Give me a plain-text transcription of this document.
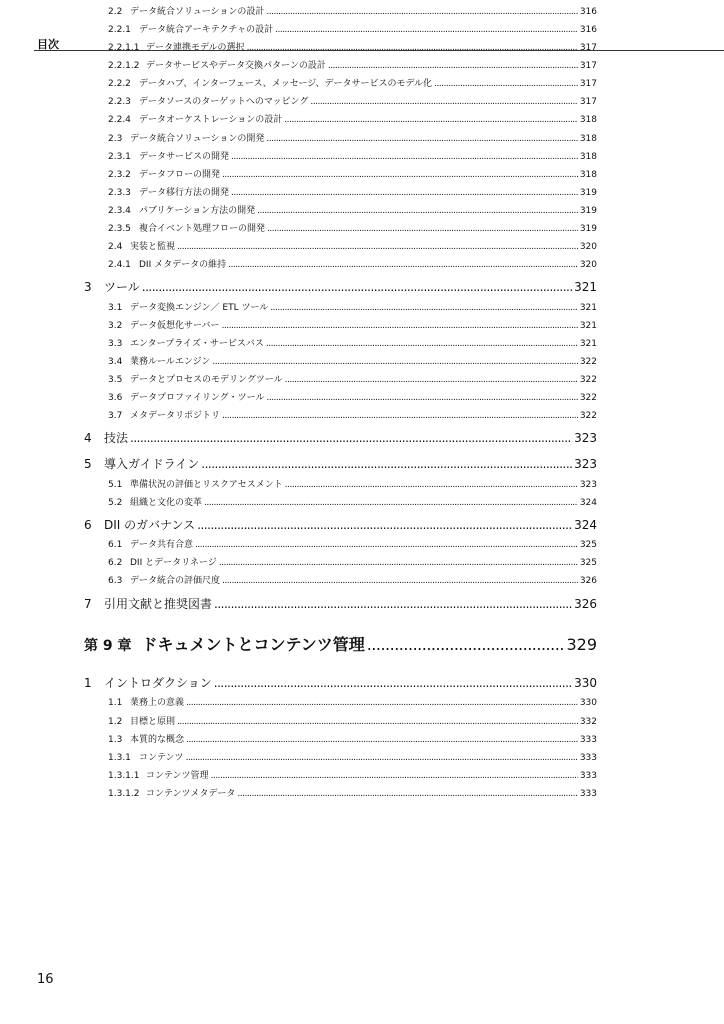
目次
2.2 データ統合ソリューションの設計 .....	316
2.2.1 データ統合アーキテクチャの設計 .....	316
2.2.1.1 データ連携モデルの選択 .....	317
2.2.1.2 データサービスやデータ交換パターンの設計 .....	317
2.2.2 データハブ、インターフェース、メッセージ、データサービスのモデル化 .....	317
2.2.3 データソースのターゲットへのマッピング .....	317
2.2.4 データオーケストレーションの設計 .....	318
2.3 データ統合ソリューションの開発 .....	318
2.3.1 データサービスの開発 .....	318
2.3.2 データフローの開発 .....	318
2.3.3 データ移行方法の開発 .....	319
2.3.4 パブリケーション方法の開発 .....	319
2.3.5 複合イベント処理フローの開発 .....	319
2.4 実装と監視 .....	320
2.4.1 DII メタデータの維持 .....	320
3	ツール .....	321
3.1 データ変換エンジン／ ETL ツール .....	321
3.2 データ仮想化サーバー .....	321
3.3 エンタープライズ・サービスバス .....	321
3.4 業務ルールエンジン .....	322
3.5 データとプロセスのモデリングツール .....	322
3.6 データプロファイリング・ツール .....	322
3.7 メタデータリポジトリ .....	322
4	技法 .....	323
5	導入ガイドライン .....	323
5.1 準備状況の評価とリスクアセスメント .....	323
5.2 組織と文化の変革 .....	324
6	DII のガバナンス .....	324
6.1 データ共有合意 .....	325
6.2 DII とデータリネージ .....	325
6.3 データ統合の評価尺度 .....	326
7	引用文献と推奨図書 .....	326
第 9 章 ドキュメントとコンテンツ管理 .....	329
1	イントロダクション .....	330
1.1 業務上の意義 .....	330
1.2 目標と原則 .....	332
1.3 本質的な概念 .....	333
1.3.1 コンテンツ .....	333
1.3.1.1 コンテンツ管理 .....	333
1.3.1.2 コンテンツメタデータ .....	333
16
